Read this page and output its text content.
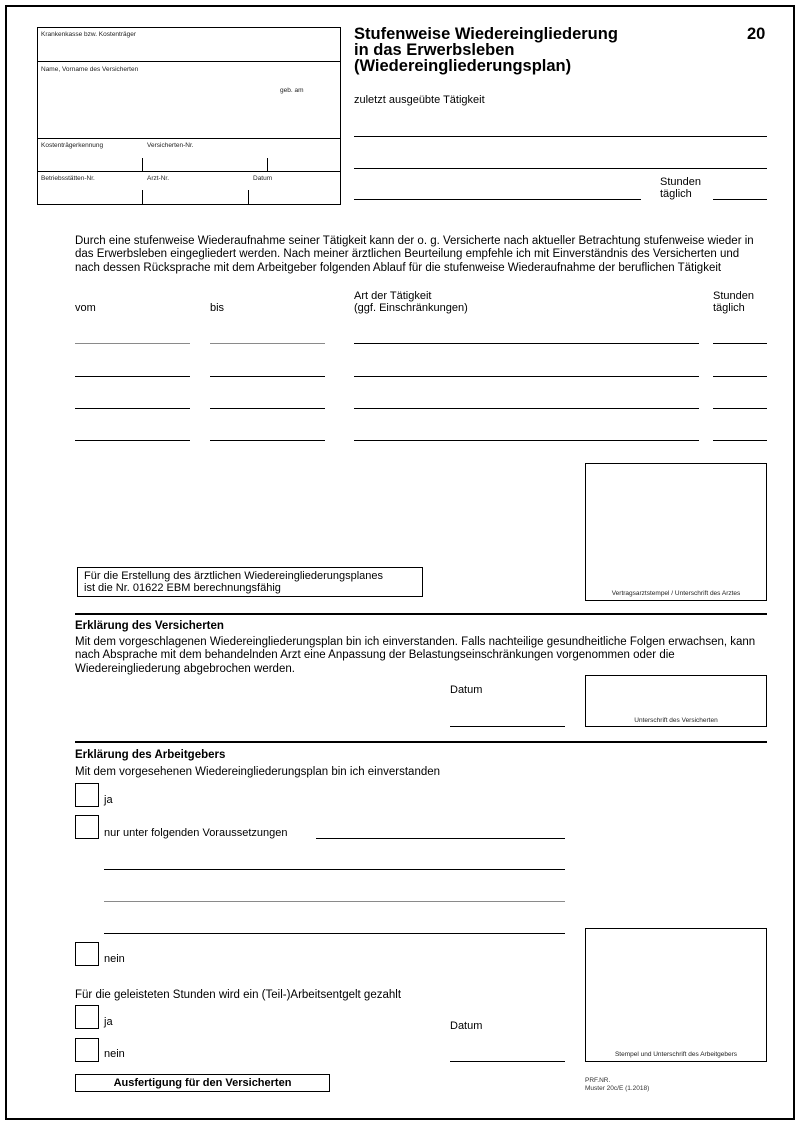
Krankenkasse bzw. Kostenträger
Name, Vorname des Versicherten
geb. am
Kostenträgerkennung	Versicherten-Nr.
Betriebsstätten-Nr.	Arzt-Nr.	Datum
Stufenweise Wiedereingliederung
in das Erwerbsleben
(Wiedereingliederungsplan)
20
zuletzt ausgeübte Tätigkeit
Stunden
täglich
Durch eine stufenweise Wiederaufnahme seiner Tätigkeit kann der o. g. Versicherte nach aktueller Betrachtung stufenweise wieder in das Erwerbsleben eingegliedert werden. Nach meiner ärztlichen Beurteilung empfehle ich mit Einverständnis des Versicherten und nach dessen Rücksprache mit dem Arbeitgeber folgenden Ablauf für die stufenweise Wiederaufnahme der beruflichen Tätigkeit
vom	bis
Art der Tätigkeit
(ggf. Einschränkungen)
Stunden
täglich
Vertragsarztstempel / Unterschrift des Arztes
Für die Erstellung des ärztlichen Wiedereingliederungsplanes
ist die Nr. 01622 EBM berechnungsfähig
Erklärung des Versicherten
Mit dem vorgeschlagenen Wiedereingliederungsplan bin ich einverstanden. Falls nachteilige gesundheitliche Folgen erwachsen, kann nach Absprache mit dem behandelnden Arzt eine Anpassung der Belastungseinschränkungen vorgenommen oder die Wiedereingliederung abgebrochen werden.
Datum
Unterschrift des Versicherten
Erklärung des Arbeitgebers
Mit dem vorgesehenen Wiedereingliederungsplan bin ich einverstanden
ja
nur unter folgenden Voraussetzungen
nein
Für die geleisteten Stunden wird ein (Teil-)Arbeitsentgelt gezahlt
ja
nein
Datum
Stempel und Unterschrift des Arbeitgebers
Ausfertigung für den Versicherten	PRF.NR.
Muster 20c/E (1.2018)
